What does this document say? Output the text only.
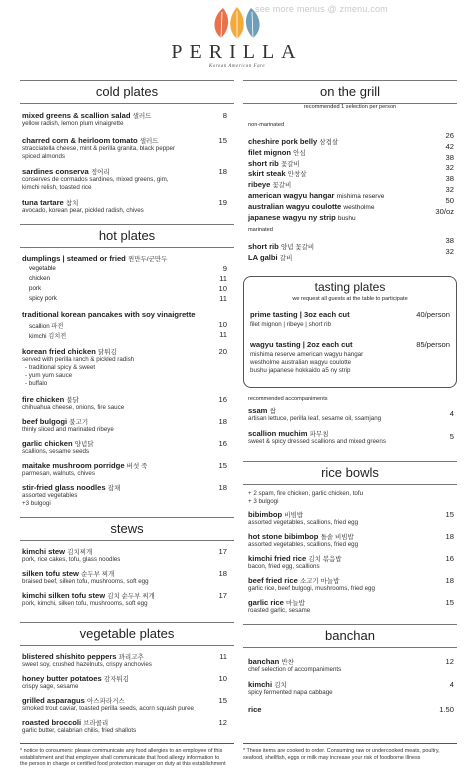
see more menus @ zmenu.com
PERILLA
Korean American Fare
cold plates
mixed greens & scallion salad 샐러드
yellow radish, lemon plum vinaigrette
8
charred corn & heirloom tomato 샐러드
stracciatella cheese, mint & perilla granita, black pepper
spiced almonds
15
sardines conserva 정어리
conserves de cormados sardines, mixed greens, gim,
kimchi relish, toasted rice
18
tuna tartare 참치
avocado, korean pear, pickled radish, chives
19
hot plates
dumplings | steamed or fried 찐만두/군만두
vegetable	9
chicken	11
pork	10
spicy pork	11
traditional korean pancakes with soy vinaigrette
scallion 파전	10
kimchi 김치전	11
korean fried chicken 닭튀김
served with perilla ranch & pickled radish
- traditional spicy & sweet
- yum yum sauce
- buffalo
20
fire chicken 불닭
chihuahua cheese, onions, fire sauce
16
beef bulgogi 불고기
thinly sliced and marinated ribeye
18
garlic chicken 양념닭
scallions, sesame seeds
16
maitake mushroom porridge 버섯 죽
parmesan, walnuts, chives
15
stir-fried glass noodles 잡채
assorted vegetables
+3 bulgogi
18
stews
kimchi stew 김치찌개
pork, rice cakes, tofu, glass noodles
17
silken tofu stew 순두부 찌개
braised beef, silken tofu, mushrooms, soft egg
18
kimchi silken tofu stew 김치 순두부 찌개
pork, kimchi, silken tofu, mushrooms, soft egg
17
vegetable plates
blistered shishito peppers 꽈리고추
sweet soy, crushed hazelnuts, crispy anchovies
11
honey butter potatoes 감자튀김
crispy sage, sesame
10
grilled asparagus 아스파라거스
smoked trout caviar, toasted perilla seeds, acorn squash puree
15
roasted broccoli 브라콜리
garlic butter, calabrian chilis, fried shallots
12
* notice to consumers: please communicate any food allergies to an employee of this
establishment and that employee shall communicate that food allergy information to
the person in charge or certified food protection manager on duty at this establishment
on the grill
recommended 1 selection per person
non-marinated
cheshire pork belly 삼겹살
26
filet mignon 안심
42
short rib 꽃갈비
38
skirt steak 안창살
32
ribeye 꽃갈비
38
american wagyu hangar mishima reserve
32
australian wagyu coulotte westholme
50
japanese wagyu ny strip bushu
30/oz
marinated
short rib 양념 꽃갈비
38
LA galbi 갈비
32
tasting plates
we request all guests at the table to participate
prime tasting | 3oz each cut
filet mignon | ribeye | short rib
40/person
wagyu tasting | 2oz each cut
mishima reserve american wagyu hangar
westholme australian wagyu coulotte
bushu japanese hokkaido a5 ny strip
85/person
recommended accompaniments
ssam 쌈
artisan lettuce, perilla leaf, sesame oil, ssamjang
4
scallion muchim 파무침
sweet & spicy dressed scallions and mixed greens
5
rice bowls
+ 2 spam, fire chicken, garlic chicken, tofu
+ 3 bulgogi
bibimbop 비빔밥
assorted vegetables, scallions, fried egg
15
hot stone bibimbop 돌솥 비빔밥
assorted vegetables, scallions, fried egg
18
kimchi fried rice 김치 볶음밥
bacon, fried egg, scallions
16
beef fried rice 소고기 마늘밥
garlic rice, beef bulgogi, mushrooms, fried egg
18
garlic rice 마늘밥
roasted garlic, sesame
15
banchan
banchan 반찬
chef selection of accompaniments
12
kimchi 김치
spicy fermented napa cabbage
4
rice	1.50
* These items are cooked to order. Consuming raw or undercooked meats, poultry,
seafood, shellfish, eggs or milk may increase your risk of foodborne illness
